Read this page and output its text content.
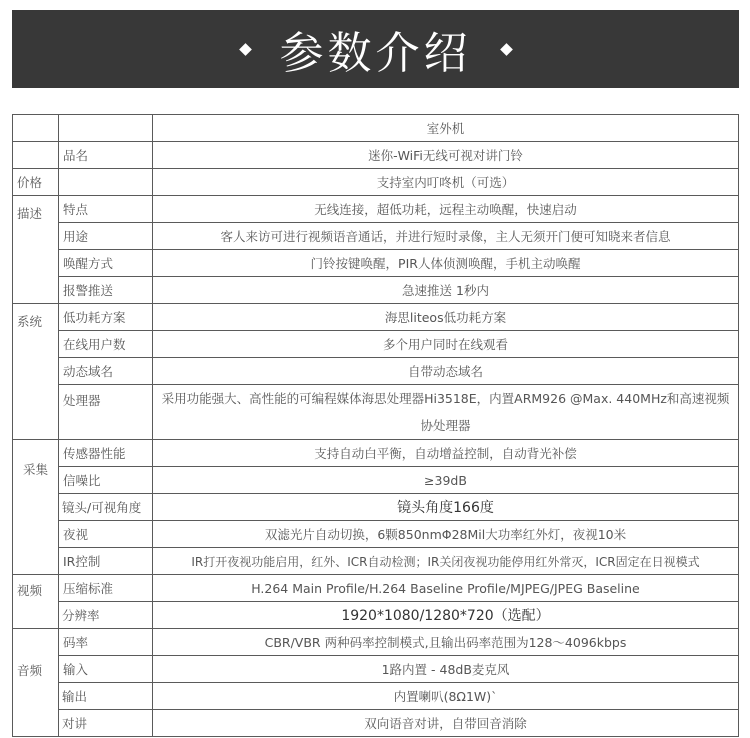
参数介绍
		室外机
	品名	迷你-WiFi无线可视对讲门铃
价格		支持室内叮咚机（可选）
描述	特点	无线连接，超低功耗，远程主动唤醒，快速启动
	用途	客人来访可进行视频语音通话，并进行短时录像，主人无须开门便可知晓来者信息
	唤醒方式	门铃按键唤醒，PIR人体侦测唤醒，手机主动唤醒
	报警推送	急速推送 1秒内
系统	低功耗方案	海思liteos低功耗方案
	在线用户数	多个用户同时在线观看
	动态域名	自带动态域名
	处理器	采用功能强大、高性能的可编程媒体海思处理器Hi3518E，内置ARM926 @Max. 440MHz和高速视频协处理器
采集	传感器性能	支持自动白平衡，自动增益控制，自动背光补偿
	信噪比	≥39dB
	镜头/可视角度	镜头角度166度
	夜视	双滤光片自动切换，6颗850nmΦ28Mil大功率红外灯，夜视10米
	IR控制	IR打开夜视功能启用，红外、ICR自动检测；IR关闭夜视功能停用红外常灭，ICR固定在日视模式
视频	压缩标准	H.264 Main Profile/H.264 Baseline Profile/MJPEG/JPEG Baseline
	分辨率	1920*1080/1280*720（选配）
音频	码率	CBR/VBR 两种码率控制模式,且输出码率范围为128～4096kbps
	输入	1路内置 - 48dB麦克风
	输出	内置喇叭(8Ω1W)`
	对讲	双向语音对讲，自带回音消除
